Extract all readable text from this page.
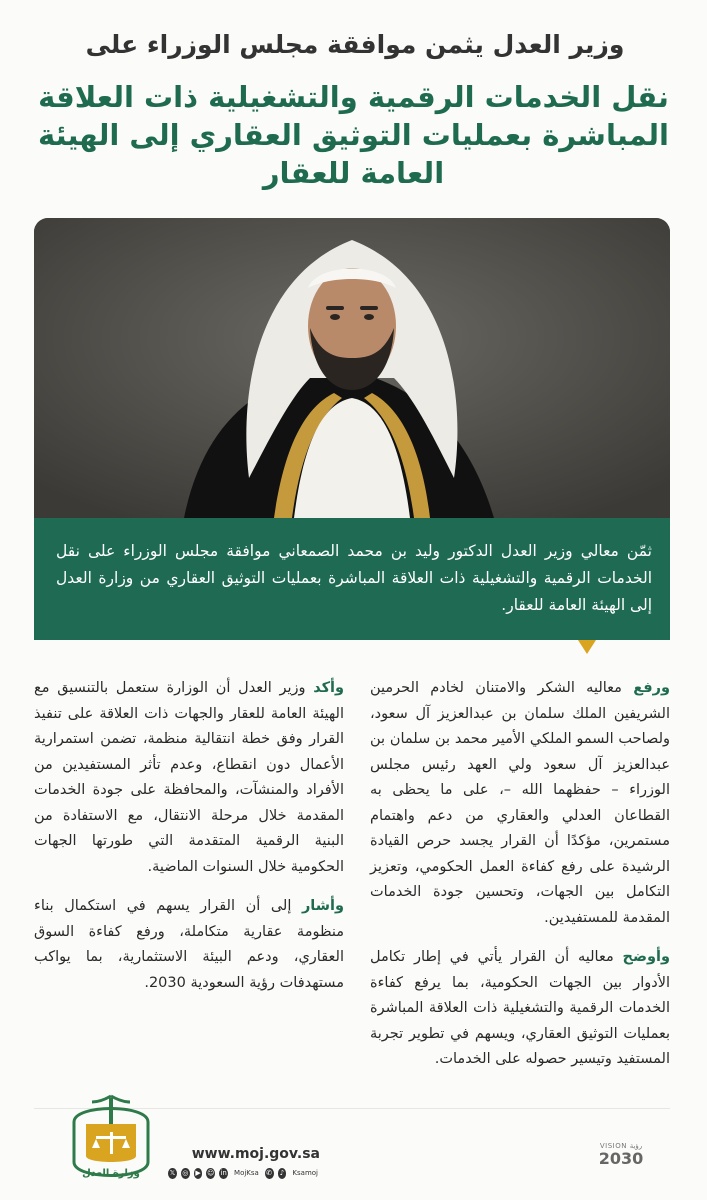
وزير العدل يثمن موافقة مجلس الوزراء على
نقل الخدمات الرقمية والتشغيلية ذات العلاقة المباشرة بعمليات التوثيق العقاري إلى الهيئة العامة للعقار
ثمّن معالي وزير العدل الدكتور وليد بن محمد الصمعاني موافقة مجلس الوزراء على نقل الخدمات الرقمية والتشغيلية ذات العلاقة المباشرة بعمليات التوثيق العقاري من وزارة العدل إلى الهيئة العامة للعقار.

ورفع معاليه الشكر والامتنان لخادم الحرمين الشريفين الملك سلمان بن عبدالعزيز آل سعود، ولصاحب السمو الملكي الأمير محمد بن سلمان بن عبدالعزيز آل سعود ولي العهد رئيس مجلس الوزراء – حفظهما الله –، على ما يحظى به القطاعان العدلي والعقاري من دعم واهتمام مستمرين، مؤكدًا أن القرار يجسد حرص القيادة الرشيدة على رفع كفاءة العمل الحكومي، وتعزيز التكامل بين الجهات، وتحسين جودة الخدمات المقدمة للمستفيدين.

وأوضح معاليه أن القرار يأتي في إطار تكامل الأدوار بين الجهات الحكومية، بما يرفع كفاءة الخدمات الرقمية والتشغيلية ذات العلاقة المباشرة بعمليات التوثيق العقاري، ويسهم في تطوير تجربة المستفيد وتيسير حصوله على الخدمات.

وأكد وزير العدل أن الوزارة ستعمل بالتنسيق مع الهيئة العامة للعقار والجهات ذات العلاقة على تنفيذ القرار وفق خطة انتقالية منظمة، تضمن استمرارية الأعمال دون انقطاع، وعدم تأثر المستفيدين من الأفراد والمنشآت، والمحافظة على جودة الخدمات المقدمة خلال مرحلة الانتقال، مع الاستفادة من البنية الرقمية المتقدمة التي طورتها الجهات الحكومية خلال السنوات الماضية.

وأشار إلى أن القرار يسهم في استكمال بناء منظومة عقارية متكاملة، ورفع كفاءة السوق العقاري، ودعم البيئة الاستثمارية، بما يواكب مستهدفات رؤية السعودية 2030.

وزارة العدل
www.moj.gov.sa
𝕏 ◎ ▶ ☺ in MojKsa ✆	♪	Ksamoj
VISION رؤية
2030
